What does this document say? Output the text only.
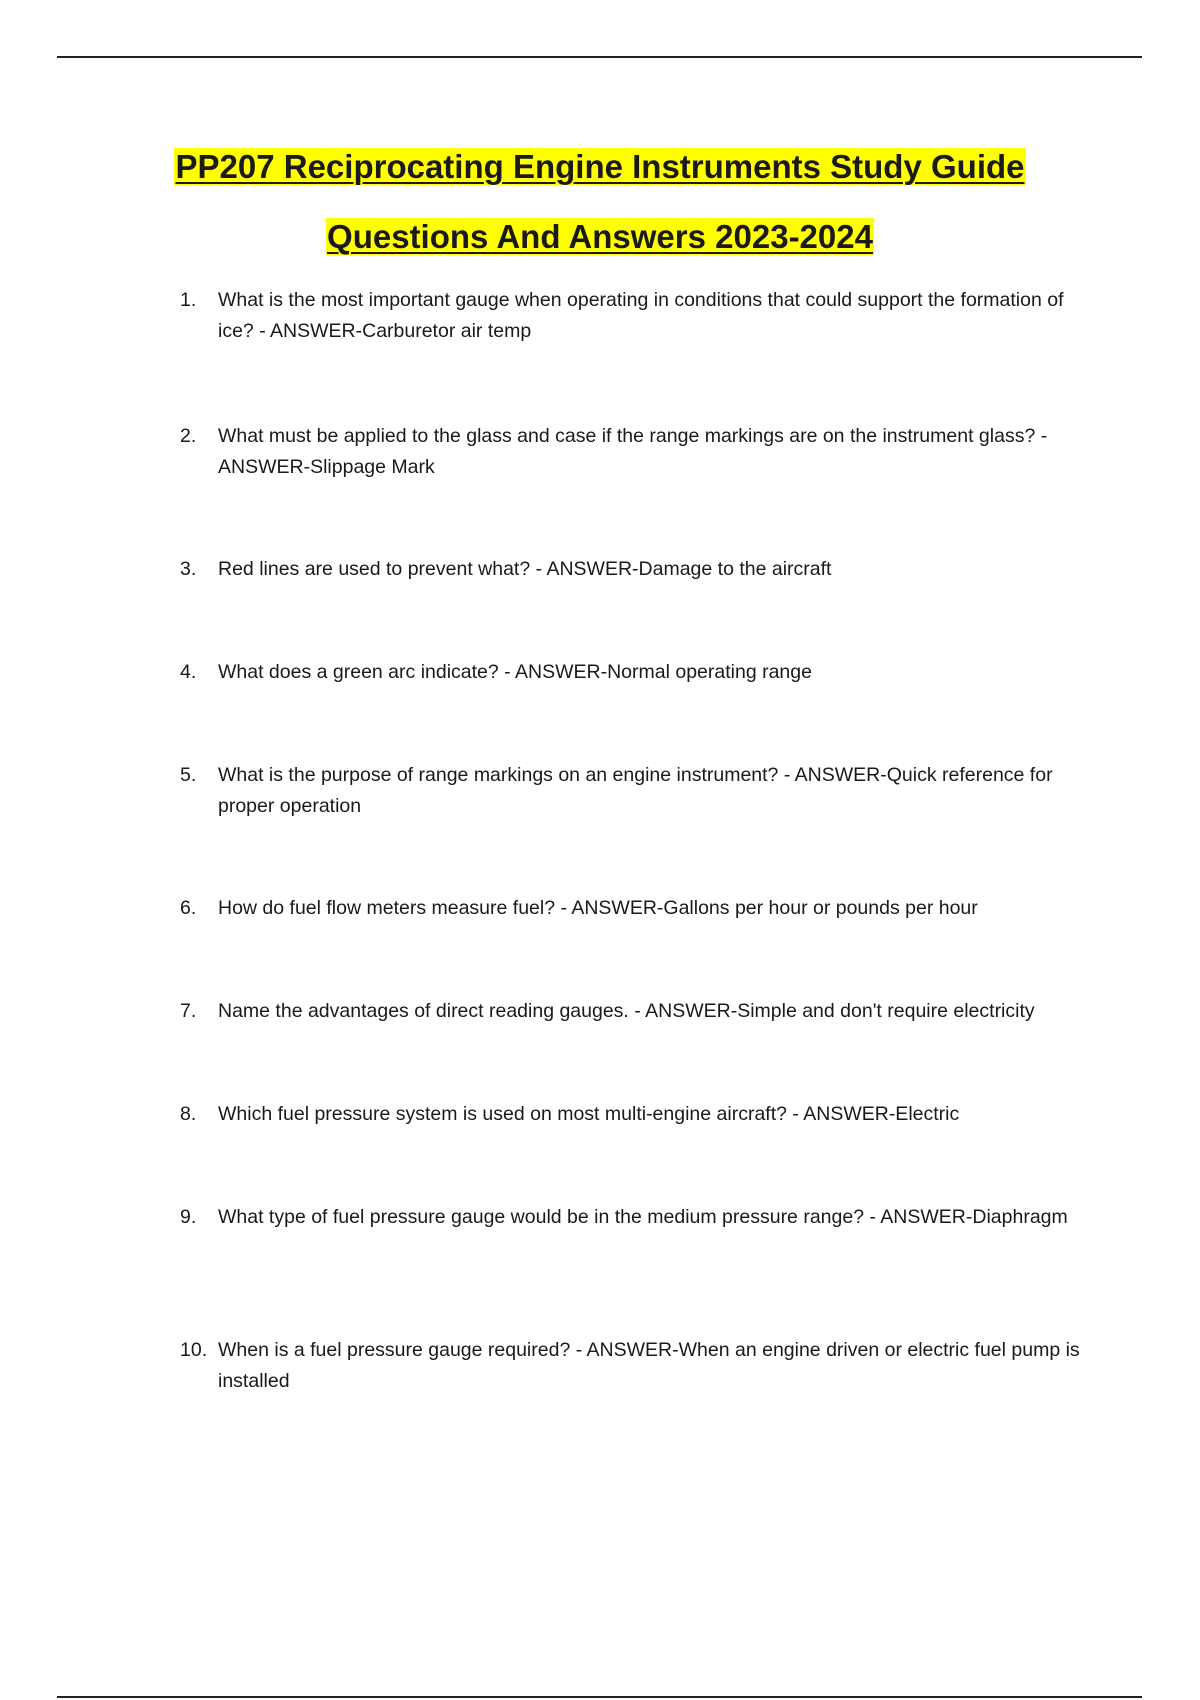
PP207 Reciprocating Engine Instruments Study Guide
Questions And Answers 2023-2024
1.	What is the most important gauge when operating in conditions that could support the formation of ice? - ANSWER-Carburetor air temp
2.	What must be applied to the glass and case if the range markings are on the instrument glass? - ANSWER-Slippage Mark
3.	Red lines are used to prevent what? - ANSWER-Damage to the aircraft
4.	What does a green arc indicate? - ANSWER-Normal operating range
5.	What is the purpose of range markings on an engine instrument? - ANSWER-Quick reference for proper operation
6.	How do fuel flow meters measure fuel? - ANSWER-Gallons per hour or pounds per hour
7.	Name the advantages of direct reading gauges. - ANSWER-Simple and don't require electricity
8.	Which fuel pressure system is used on most multi-engine aircraft? - ANSWER-Electric
9.	What type of fuel pressure gauge would be in the medium pressure range? - ANSWER-Diaphragm
10. When is a fuel pressure gauge required? - ANSWER-When an engine driven or electric fuel pump is installed
